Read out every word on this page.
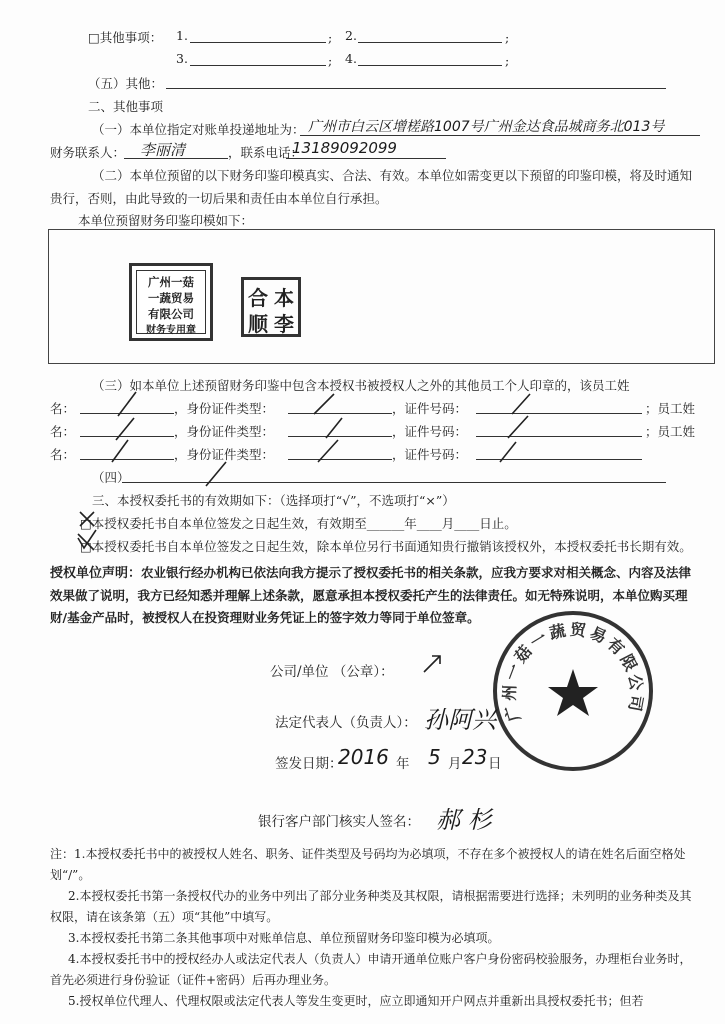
□其他事项： 1.	; 2.	;
3.	; 4.	;
（五）其他：
二、其他事项
（一）本单位指定对账单投递地址为： 广州市白云区增槎路1007号广州金达食品城商务北013号
财务联系人： 李丽清	，联系电话：
13189092099
（二）本单位预留的以下财务印鉴印模真实、合法、有效。本单位如需变更以下预留的印鉴印模，将及时通知
贵行，否则，由此导致的一切后果和责任由本单位自行承担。
本单位预留财务印鉴印模如下：
广州一菇
一蔬贸易
有限公司
财务专用章
合 本
顺 李
（三）如本单位上述预留财务印鉴中包含本授权书被授权人之外的其他员工个人印章的，该员工姓
名：	，身份证件类型：	，证件号码：	；员工姓
名：	，身份证件类型：	，证件号码：	；员工姓
名：	，身份证件类型：	，证件号码：
（四）
三、本授权委托书的有效期如下：（选择项打“√”，不选项打“×”）
□本授权委托书自本单位签发之日起生效，有效期至______年____月____日止。
□本授权委托书自本单位签发之日起生效，除本单位另行书面通知贵行撤销该授权外，本授权委托书长期有效。
授权单位声明：农业银行经办机构已依法向我方提示了授权委托书的相关条款，应我方要求对相关概念、内容及法律效果做了说明，我方已经知悉并理解上述条款，愿意承担本授权委托产生的法律责任。如无特殊说明，本单位购买理财/基金产品时，被授权人在投资理财业务凭证上的签字效力等同于单位签章。
公司/单位 （公章）：
广州一菇一蔬贸易有限公司
法定代表人（负责人）： 孙阿兴
签发日期：
2016 年 5 月 23 日
银行客户部门核实人签名： 郝 杉
注：1.本授权委托书中的被授权人姓名、职务、证件类型及号码均为必填项，不存在多个被授权人的请在姓名后面空格处划“/”。
2.本授权委托书第一条授权代办的业务中列出了部分业务种类及其权限，请根据需要进行选择；未列明的业务种类及其权限，请在该条第（五）项“其他”中填写。
3.本授权委托书第二条其他事项中对账单信息、单位预留财务印鉴印模为必填项。
4.本授权委托书中的授权经办人或法定代表人（负责人）申请开通单位账户客户身份密码校验服务，办理柜台业务时，首先必须进行身份验证（证件+密码）后再办理业务。
5.授权单位代理人、代理权限或法定代表人等发生变更时，应立即通知开户网点并重新出具授权委托书；但若
